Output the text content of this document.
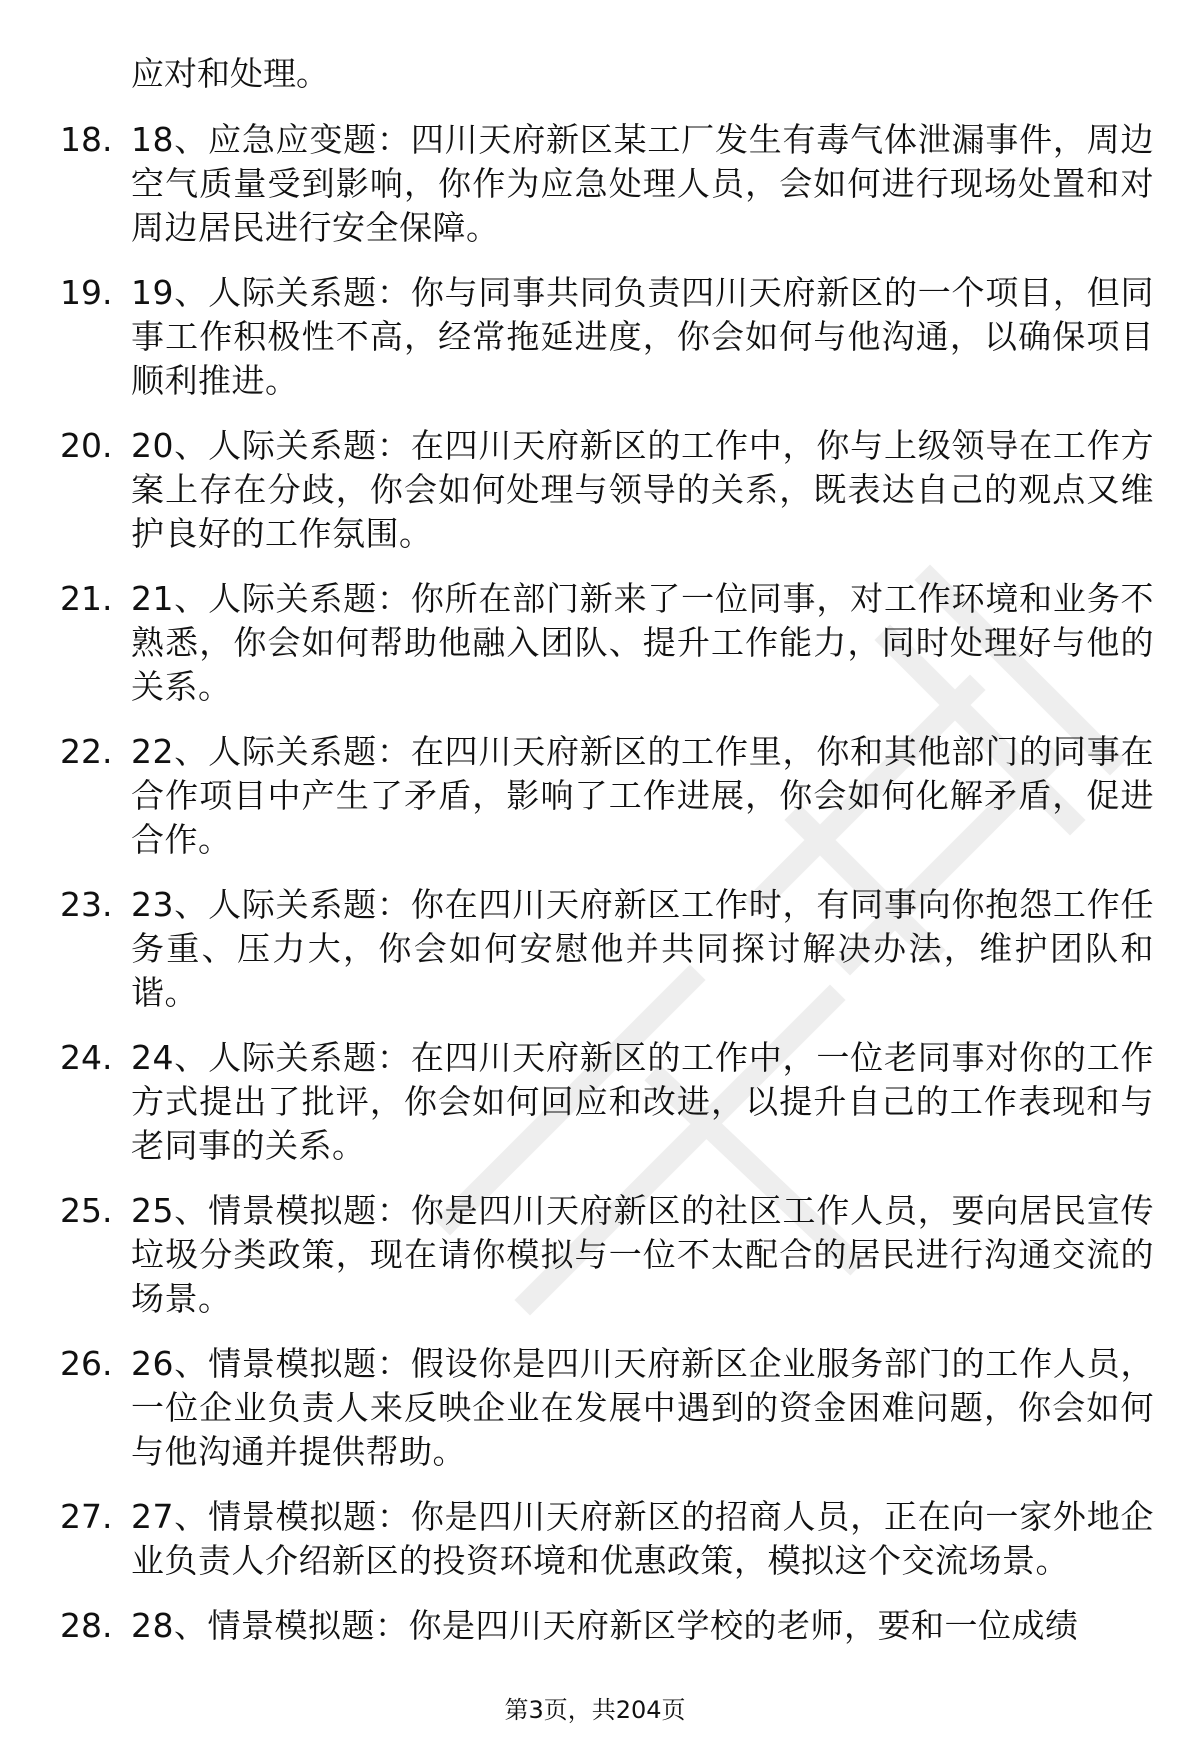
应对和处理。

18. 18、应急应变题：四川天府新区某工厂发生有毒气体泄漏事件，周边空气质量受到影响，你作为应急处理人员，会如何进行现场处置和对周边居民进行安全保障。
19. 19、人际关系题：你与同事共同负责四川天府新区的一个项目，但同事工作积极性不高，经常拖延进度，你会如何与他沟通，以确保项目顺利推进。
20. 20、人际关系题：在四川天府新区的工作中，你与上级领导在工作方案上存在分歧，你会如何处理与领导的关系，既表达自己的观点又维护良好的工作氛围。
21. 21、人际关系题：你所在部门新来了一位同事，对工作环境和业务不熟悉，你会如何帮助他融入团队、提升工作能力，同时处理好与他的关系。
22. 22、人际关系题：在四川天府新区的工作里，你和其他部门的同事在合作项目中产生了矛盾，影响了工作进展，你会如何化解矛盾，促进合作。
23. 23、人际关系题：你在四川天府新区工作时，有同事向你抱怨工作任务重、压力大，你会如何安慰他并共同探讨解决办法，维护团队和谐。
24. 24、人际关系题：在四川天府新区的工作中，一位老同事对你的工作方式提出了批评，你会如何回应和改进，以提升自己的工作表现和与老同事的关系。
25. 25、情景模拟题：你是四川天府新区的社区工作人员，要向居民宣传垃圾分类政策，现在请你模拟与一位不太配合的居民进行沟通交流的场景。
26. 26、情景模拟题：假设你是四川天府新区企业服务部门的工作人员，一位企业负责人来反映企业在发展中遇到的资金困难问题，你会如何与他沟通并提供帮助。
27. 27、情景模拟题：你是四川天府新区的招商人员，正在向一家外地企业负责人介绍新区的投资环境和优惠政策，模拟这个交流场景。
28. 28、情景模拟题：你是四川天府新区学校的老师，要和一位成绩
第3页，共204页
